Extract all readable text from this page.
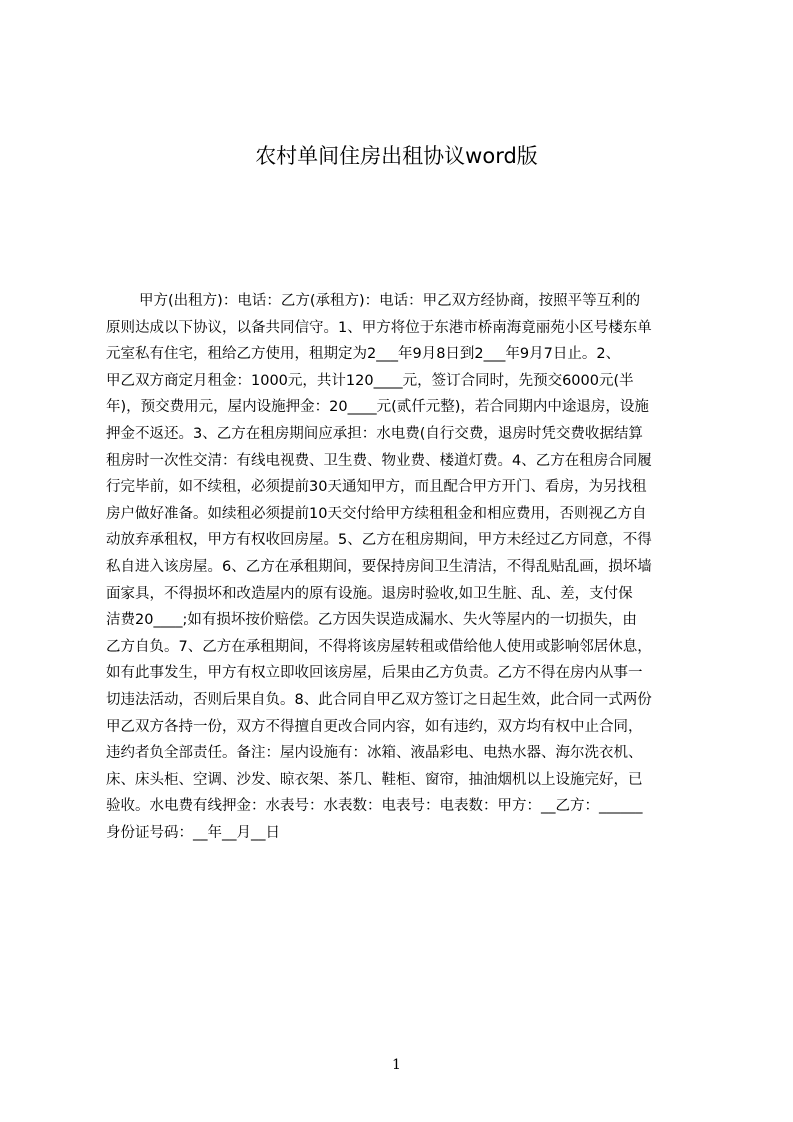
农村单间住房出租协议word版
甲方(出租方)：电话：乙方(承租方)：电话：甲乙双方经协商，按照平等互利的
原则达成以下协议，以备共同信守。1、甲方将位于东港市桥南海竟丽苑小区号楼东单
元室私有住宅，租给乙方使用，租期定为2___年9月8日到2___年9月7日止。2、
甲乙双方商定月租金：1000元，共计120____元，签订合同时，先预交6000元(半
年)，预交费用元，屋内设施押金：20____元(贰仟元整)，若合同期内中途退房，设施
押金不返还。3、乙方在租房期间应承担：水电费(自行交费，退房时凭交费收据结算
租房时一次性交清：有线电视费、卫生费、物业费、楼道灯费。4、乙方在租房合同履
行完毕前，如不续租，必须提前30天通知甲方，而且配合甲方开门、看房，为另找租
房户做好准备。如续租必须提前10天交付给甲方续租租金和相应费用，否则视乙方自
动放弃承租权，甲方有权收回房屋。5、乙方在租房期间，甲方未经过乙方同意，不得
私自进入该房屋。6、乙方在承租期间，要保持房间卫生清洁，不得乱贴乱画，损坏墙
面家具，不得损坏和改造屋内的原有设施。退房时验收,如卫生脏、乱、差，支付保
洁费20____;如有损坏按价赔偿。乙方因失误造成漏水、失火等屋内的一切损失，由
乙方自负。7、乙方在承租期间，不得将该房屋转租或借给他人使用或影响邻居休息，
如有此事发生，甲方有权立即收回该房屋，后果由乙方负责。乙方不得在房内从事一
切违法活动，否则后果自负。8、此合同自甲乙双方签订之日起生效，此合同一式两份
甲乙双方各持一份，双方不得擅自更改合同内容，如有违约，双方均有权中止合同，
违约者负全部责任。备注：屋内设施有：冰箱、液晶彩电、电热水器、海尔洗衣机、
床、床头柜、空调、沙发、晾衣架、茶几、鞋柜、窗帘，抽油烟机以上设施完好，已
验收。水电费有线押金：水表号：水表数：电表号：电表数：甲方：__乙方：______
身份证号码：__年__月__日
1
